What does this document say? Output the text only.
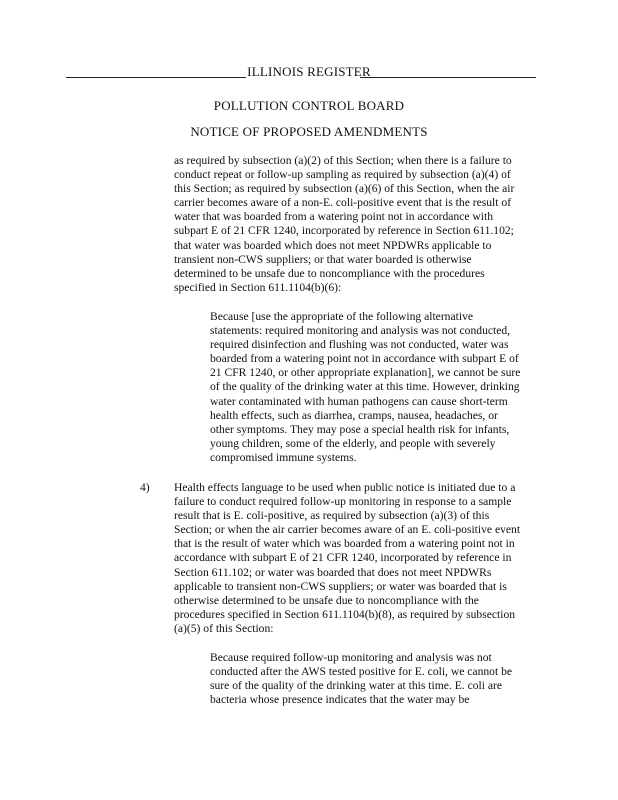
ILLINOIS REGISTER
POLLUTION CONTROL BOARD
NOTICE OF PROPOSED AMENDMENTS
as required by subsection (a)(2) of this Section; when there is a failure to
conduct repeat or follow-up sampling as required by subsection (a)(4) of
this Section; as required by subsection (a)(6) of this Section, when the air
carrier becomes aware of a non-E. coli-positive event that is the result of
water that was boarded from a watering point not in accordance with
subpart E of 21 CFR 1240, incorporated by reference in Section 611.102;
that water was boarded which does not meet NPDWRs applicable to
transient non-CWS suppliers; or that water boarded is otherwise
determined to be unsafe due to noncompliance with the procedures
specified in Section 611.1104(b)(6):
Because [use the appropriate of the following alternative
statements: required monitoring and analysis was not conducted,
required disinfection and flushing was not conducted, water was
boarded from a watering point not in accordance with subpart E of
21 CFR 1240, or other appropriate explanation], we cannot be sure
of the quality of the drinking water at this time. However, drinking
water contaminated with human pathogens can cause short-term
health effects, such as diarrhea, cramps, nausea, headaches, or
other symptoms. They may pose a special health risk for infants,
young children, some of the elderly, and people with severely
compromised immune systems.
4) Health effects language to be used when public notice is initiated due to a
failure to conduct required follow-up monitoring in response to a sample
result that is E. coli-positive, as required by subsection (a)(3) of this
Section; or when the air carrier becomes aware of an E. coli-positive event
that is the result of water which was boarded from a watering point not in
accordance with subpart E of 21 CFR 1240, incorporated by reference in
Section 611.102; or water was boarded that does not meet NPDWRs
applicable to transient non-CWS suppliers; or water was boarded that is
otherwise determined to be unsafe due to noncompliance with the
procedures specified in Section 611.1104(b)(8), as required by subsection
(a)(5) of this Section:
Because required follow-up monitoring and analysis was not
conducted after the AWS tested positive for E. coli, we cannot be
sure of the quality of the drinking water at this time. E. coli are
bacteria whose presence indicates that the water may be
